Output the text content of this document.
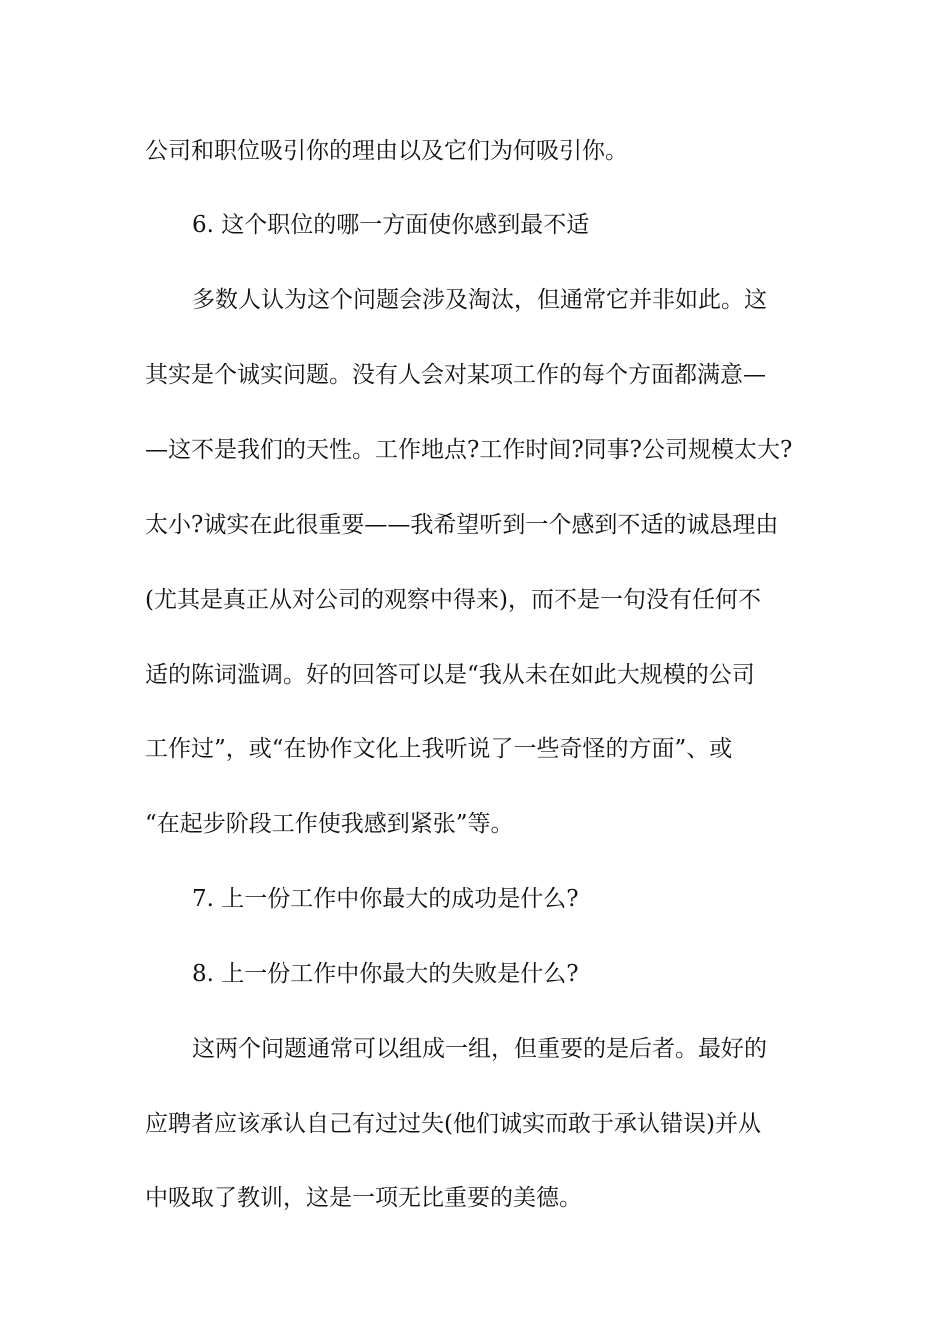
公司和职位吸引你的理由以及它们为何吸引你。
6. 这个职位的哪一方面使你感到最不适
多数人认为这个问题会涉及淘汰，但通常它并非如此。这
其实是个诚实问题。没有人会对某项工作的每个方面都满意—
—这不是我们的天性。工作地点?工作时间?同事?公司规模太大?
太小?诚实在此很重要——我希望听到一个感到不适的诚恳理由
(尤其是真正从对公司的观察中得来)，而不是一句没有任何不
适的陈词滥调。好的回答可以是“我从未在如此大规模的公司
工作过”，或“在协作文化上我听说了一些奇怪的方面”、或
“在起步阶段工作使我感到紧张”等。
7. 上一份工作中你最大的成功是什么?
8. 上一份工作中你最大的失败是什么?
这两个问题通常可以组成一组，但重要的是后者。最好的
应聘者应该承认自己有过过失(他们诚实而敢于承认错误)并从
中吸取了教训，这是一项无比重要的美德。
